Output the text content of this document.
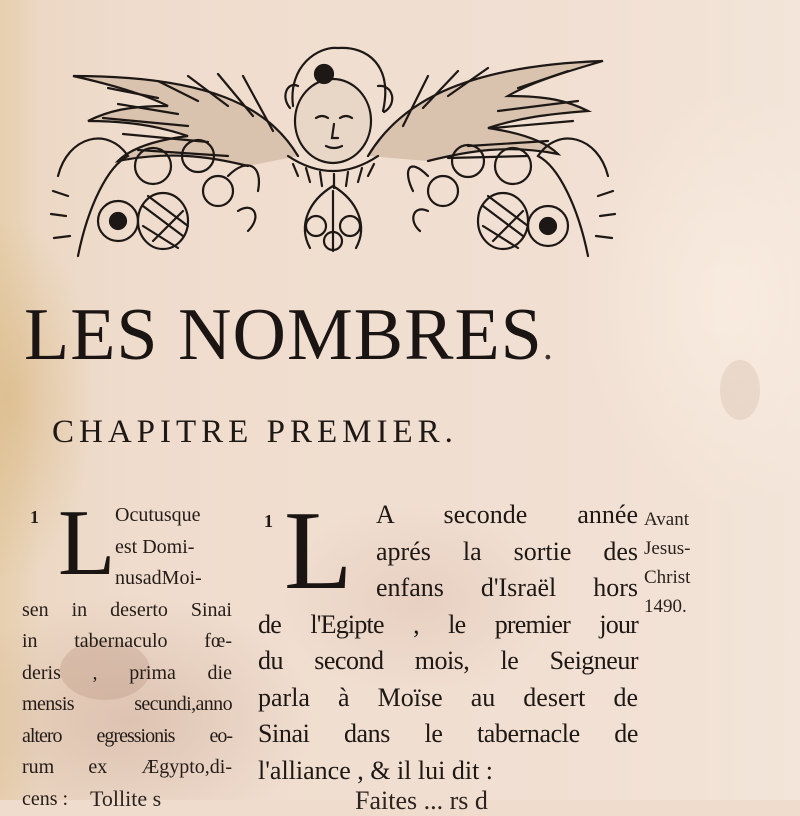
LES NOMBRES.
CHAPITRE PREMIER.
1 L Ocutusque
est Domi-
nusadMoi-
sen in deserto Sinai
in tabernaculo fœ-
deris , prima die
mensis secundi,anno
altero egressionis eo-
rum ex Ægypto,di-
cens : Tollite s
1 L A seconde année
aprés la sortie des
enfans d'Israël hors
de l'Egipte , le premier jour
du second mois, le Seigneur
parla à Moïse au desert de
Sinai dans le tabernacle de
l'alliance , & il lui dit :
Faites ... rs d
Avant
Jesus-
Christ
1490.
